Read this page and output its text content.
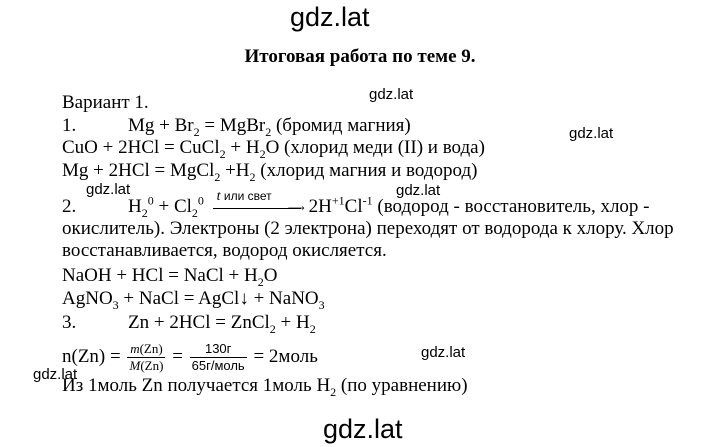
gdz.lat
Итоговая работа по теме 9.
gdz.lat
gdz.lat
gdz.lat	gdz.lat
gdz.lat
gdz.lat
Вариант 1.
1.	$Mg + Br_2$ = MgBr$_2$ (бромид магния)
CuO + 2HCl = CuCl$_2$ + $H_2O$ (хлорид меди (II) и вода)
Mg + 2HCl = MgCl$_2$ $+H_2$ (хлорид магния и водород)
2.	$H_2^0 + Cl_2^0$ t или свет
⟶ $2H^{+1}Cl^{-1}$ (водород - восстановитель, хлор -
окислитель). Электроны (2 электрона) переходят от водорода к хлору. Хлор
восстанавливается, водород окисляется.
NaOH + HCl = NaCl + $H_2O$
AgNO$_3$ + NaCl = AgCl↓ + NaNO$_3$
3.	Zn + 2HCl = ZnCl$_2$ + $H_2$
$n(Zn) = \frac{m(Zn)}{M(Zn)} = \frac{130г}{\text{65г/моль}}$ = 2моль
Из 1моль Zn получается 1моль $H_2$ (по уравнению)
gdz.lat
